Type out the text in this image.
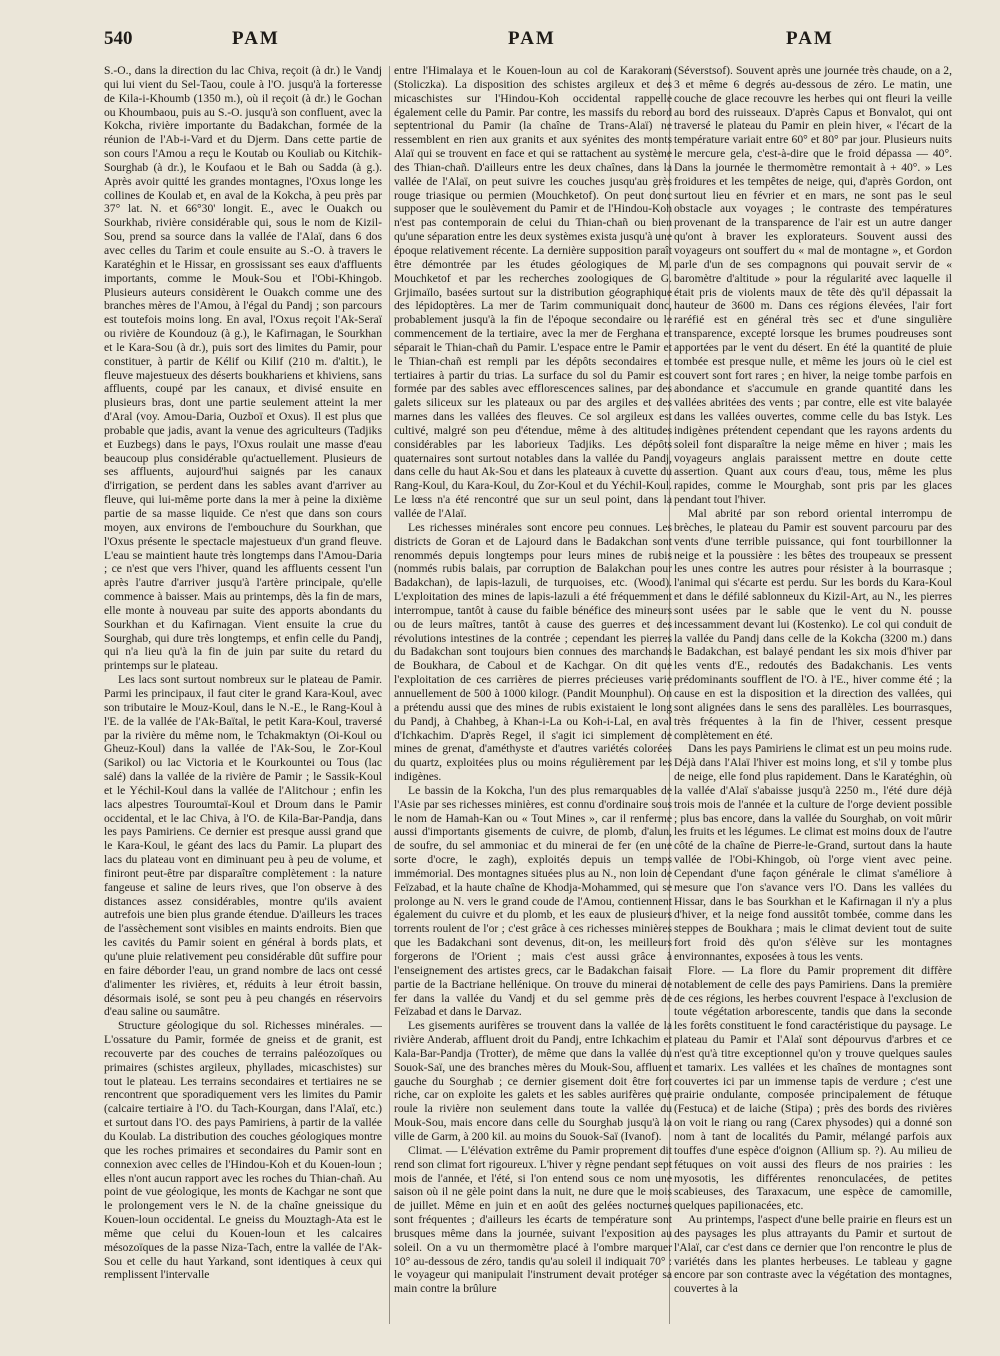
540	PAM	PAM	PAM

S.-O., dans la direction du lac Chiva, reçoit (à dr.) le Vandj qui lui vient du Sel-Taou, coule à l'O. jusqu'à la forteresse de Kila-i-Khoumb (1350 m.), où il reçoit (à dr.) le Gochan ou Khoumbaou, puis au S.-O. jusqu'à son confluent, avec la Kokcha, rivière importante du Badakchan, formée de la réunion de l'Ab-i-Vard et du Djerm. Dans cette partie de son cours l'Amou a reçu le Koutab ou Kouliab ou Kitchik-Sourghab (à dr.), le Koufaou et le Bah ou Sadda (à g.). Après avoir quitté les grandes montagnes, l'Oxus longe les collines de Koulab et, en aval de la Kokcha, à peu près par 37° lat. N. et 66°30' longit. E., avec le Ouakch ou Sourkhab, rivière considérable qui, sous le nom de Kizil-Sou, prend sa source dans la vallée de l'Alaï, dans 6 dos avec celles du Tarim et coule ensuite au S.-O. à travers le Karatéghin et le Hissar, en grossissant ses eaux d'affluents importants, comme le Mouk-Sou et l'Obi-Khingob. Plusieurs auteurs considèrent le Ouakch comme une des branches mères de l'Amou, à l'égal du Pandj ; son parcours est toutefois moins long. En aval, l'Oxus reçoit l'Ak-Seraï ou rivière de Koundouz (à g.), le Kafirnagan, le Sourkhan et le Kara-Sou (à dr.), puis sort des limites du Pamir, pour constituer, à partir de Kélif ou Kilif (210 m. d'altit.), le fleuve majestueux des déserts boukhariens et khiviens, sans affluents, coupé par les canaux, et divisé ensuite en plusieurs bras, dont une partie seulement atteint la mer d'Aral (voy. Amou-Daria, Ouzboï et Oxus). Il est plus que probable que jadis, avant la venue des agriculteurs (Tadjiks et Euzbegs) dans le pays, l'Oxus roulait une masse d'eau beaucoup plus considérable qu'actuellement. Plusieurs de ses affluents, aujourd'hui saignés par les canaux d'irrigation, se perdent dans les sables avant d'arriver au fleuve, qui lui-même porte dans la mer à peine la dixième partie de sa masse liquide. Ce n'est que dans son cours moyen, aux environs de l'embouchure du Sourkhan, que l'Oxus présente le spectacle majestueux d'un grand fleuve. L'eau se maintient haute très longtemps dans l'Amou-Daria ; ce n'est que vers l'hiver, quand les affluents cessent l'un après l'autre d'arriver jusqu'à l'artère principale, qu'elle commence à baisser. Mais au printemps, dès la fin de mars, elle monte à nouveau par suite des apports abondants du Sourkhan et du Kafirnagan. Vient ensuite la crue du Sourghab, qui dure très longtemps, et enfin celle du Pandj, qui n'a lieu qu'à la fin de juin par suite du retard du printemps sur le plateau.

Les lacs sont surtout nombreux sur le plateau de Pamir. Parmi les principaux, il faut citer le grand Kara-Koul, avec son tributaire le Mouz-Koul, dans le N.-E., le Rang-Koul à l'E. de la vallée de l'Ak-Baïtal, le petit Kara-Koul, traversé par la rivière du même nom, le Tchakmaktyn (Oi-Koul ou Gheuz-Koul) dans la vallée de l'Ak-Sou, le Zor-Koul (Sarikol) ou lac Victoria et le Kourkountei ou Tous (lac salé) dans la vallée de la rivière de Pamir ; le Sassik-Koul et le Yéchil-Koul dans la vallée de l'Alitchour ; enfin les lacs alpestres Touroumtaï-Koul et Droum dans le Pamir occidental, et le lac Chiva, à l'O. de Kila-Bar-Pandja, dans les pays Pamiriens. Ce dernier est presque aussi grand que le Kara-Koul, le géant des lacs du Pamir. La plupart des lacs du plateau vont en diminuant peu à peu de volume, et finiront peut-être par disparaître complètement : la nature fangeuse et saline de leurs rives, que l'on observe à des distances assez considérables, montre qu'ils avaient autrefois une bien plus grande étendue. D'ailleurs les traces de l'assèchement sont visibles en maints endroits. Bien que les cavités du Pamir soient en général à bords plats, et qu'une pluie relativement peu considérable dût suffire pour en faire déborder l'eau, un grand nombre de lacs ont cessé d'alimenter les rivières, et, réduits à leur étroit bassin, désormais isolé, se sont peu à peu changés en réservoirs d'eau saline ou saumâtre.

Structure géologique du sol. Richesses minérales. — L'ossature du Pamir, formée de gneiss et de granit, est recouverte par des couches de terrains paléozoïques ou primaires (schistes argileux, phyllades, micaschistes) sur tout le plateau. Les terrains secondaires et tertiaires ne se rencontrent que sporadiquement vers les limites du Pamir (calcaire tertiaire à l'O. du Tach-Kourgan, dans l'Alaï, etc.) et surtout dans l'O. des pays Pamiriens, à partir de la vallée du Koulab. La distribution des couches géologiques montre que les roches primaires et secondaires du Pamir sont en connexion avec celles de l'Hindou-Koh et du Kouen-loun ; elles n'ont aucun rapport avec les roches du Thian-chañ. Au point de vue géologique, les monts de Kachgar ne sont que le prolongement vers le N. de la chaîne gneissique du Kouen-loun occidental. Le gneiss du Mouztagh-Ata est le même que celui du Kouen-loun et les calcaires mésozoïques de la passe Niza-Tach, entre la vallée de l'Ak-Sou et celle du haut Yarkand, sont identiques à ceux qui remplissent l'intervalle

entre l'Himalaya et le Kouen-loun au col de Karakoram (Stoliczka). La disposition des schistes argileux et des micaschistes sur l'Hindou-Koh occidental rappelle également celle du Pamir. Par contre, les massifs du rebord septentrional du Pamir (la chaîne de Trans-Alaï) ne ressemblent en rien aux granits et aux syénites des monts Alaï qui se trouvent en face et qui se rattachent au système des Thian-chañ. D'ailleurs entre les deux chaînes, dans la vallée de l'Alaï, on peut suivre les couches jusqu'au grès rouge triasique ou permien (Mouchketof). On peut donc supposer que le soulèvement du Pamir et de l'Hindou-Koh n'est pas contemporain de celui du Thian-chañ ou bien qu'une séparation entre les deux systèmes exista jusqu'à une époque relativement récente. La dernière supposition paraît être démontrée par les études géologiques de M. Mouchketof et par les recherches zoologiques de G. Grjimaïlo, basées surtout sur la distribution géographique des lépidoptères. La mer de Tarim communiquait donc, probablement jusqu'à la fin de l'époque secondaire ou le commencement de la tertiaire, avec la mer de Ferghana et séparait le Thian-chañ du Pamir. L'espace entre le Pamir et le Thian-chañ est rempli par les dépôts secondaires et tertiaires à partir du trias. La surface du sol du Pamir est formée par des sables avec efflorescences salines, par des galets siliceux sur les plateaux ou par des argiles et des marnes dans les vallées des fleuves. Ce sol argileux est cultivé, malgré son peu d'étendue, même à des altitudes considérables par les laborieux Tadjiks. Les dépôts quaternaires sont surtout notables dans la vallée du Pandj, dans celle du haut Ak-Sou et dans les plateaux à cuvette du Rang-Koul, du Kara-Koul, du Zor-Koul et du Yéchil-Koul. Le lœss n'a été rencontré que sur un seul point, dans la vallée de l'Alaï.

Les richesses minérales sont encore peu connues. Les districts de Goran et de Lajourd dans le Badakchan sont renommés depuis longtemps pour leurs mines de rubis (nommés rubis balais, par corruption de Balakchan pour Badakchan), de lapis-lazuli, de turquoises, etc. (Wood). L'exploitation des mines de lapis-lazuli a été fréquemment interrompue, tantôt à cause du faible bénéfice des mineurs ou de leurs maîtres, tantôt à cause des guerres et des révolutions intestines de la contrée ; cependant les pierres du Badakchan sont toujours bien connues des marchands de Boukhara, de Caboul et de Kachgar. On dit que l'exploitation de ces carrières de pierres précieuses varie annuellement de 500 à 1000 kilogr. (Pandit Mounphul). On a prétendu aussi que des mines de rubis existaient le long du Pandj, à Chahbeg, à Khan-i-La ou Koh-i-Lal, en aval d'Ichkachim. D'après Regel, il s'agit ici simplement de mines de grenat, d'améthyste et d'autres variétés colorées du quartz, exploitées plus ou moins régulièrement par les indigènes.

Le bassin de la Kokcha, l'un des plus remarquables de l'Asie par ses richesses minières, est connu d'ordinaire sous le nom de Hamah-Kan ou « Tout Mines », car il renferme aussi d'importants gisements de cuivre, de plomb, d'alun, de soufre, du sel ammoniac et du minerai de fer (en une sorte d'ocre, le zagh), exploités depuis un temps immémorial. Des montagnes situées plus au N., non loin de Feïzabad, et la haute chaîne de Khodja-Mohammed, qui se prolonge au N. vers le grand coude de l'Amou, contiennent également du cuivre et du plomb, et les eaux de plusieurs torrents roulent de l'or ; c'est grâce à ces richesses minières que les Badakchani sont devenus, dit-on, les meilleurs forgerons de l'Orient ; mais c'est aussi grâce à l'enseignement des artistes grecs, car le Badakchan faisait partie de la Bactriane hellénique. On trouve du minerai de fer dans la vallée du Vandj et du sel gemme près de Feïzabad et dans le Darvaz.

Les gisements aurifères se trouvent dans la vallée de la rivière Anderab, affluent droit du Pandj, entre Ichkachim et Kala-Bar-Pandja (Trotter), de même que dans la vallée du Souok-Saï, une des branches mères du Mouk-Sou, affluent gauche du Sourghab ; ce dernier gisement doit être fort riche, car on exploite les galets et les sables aurifères que roule la rivière non seulement dans toute la vallée du Mouk-Sou, mais encore dans celle du Sourghab jusqu'à la ville de Garm, à 200 kil. au moins du Souok-Saï (Ivanof).

Climat. — L'élévation extrême du Pamir proprement dit rend son climat fort rigoureux. L'hiver y règne pendant sept mois de l'année, et l'été, si l'on entend sous ce nom une saison où il ne gèle point dans la nuit, ne dure que le mois de juillet. Même en juin et en août des gelées nocturnes sont fréquentes ; d'ailleurs les écarts de température sont brusques même dans la journée, suivant l'exposition au soleil. On a vu un thermomètre placé à l'ombre marquer 10° au-dessous de zéro, tandis qu'au soleil il indiquait 70° : le voyageur qui manipulait l'instrument devait protéger sa main contre la brûlure

(Séverstsof). Souvent après une journée très chaude, on a 2, 3 et même 6 degrés au-dessous de zéro. Le matin, une couche de glace recouvre les herbes qui ont fleuri la veille au bord des ruisseaux. D'après Capus et Bonvalot, qui ont traversé le plateau du Pamir en plein hiver, « l'écart de la température variait entre 60° et 80° par jour. Plusieurs nuits le mercure gela, c'est-à-dire que le froid dépassa — 40°. Dans la journée le thermomètre remontait à + 40°. » Les froidures et les tempêtes de neige, qui, d'après Gordon, ont surtout lieu en février et en mars, ne sont pas le seul obstacle aux voyages ; le contraste des températures provenant de la transparence de l'air est un autre danger qu'ont à braver les explorateurs. Souvent aussi des voyageurs ont souffert du « mal de montagne », et Gordon parle d'un de ses compagnons qui pouvait servir de « baromètre d'altitude » pour la régularité avec laquelle il était pris de violents maux de tête dès qu'il dépassait la hauteur de 3600 m. Dans ces régions élevées, l'air fort raréfié est en général très sec et d'une singulière transparence, excepté lorsque les brumes poudreuses sont apportées par le vent du désert. En été la quantité de pluie tombée est presque nulle, et même les jours où le ciel est couvert sont fort rares ; en hiver, la neige tombe parfois en abondance et s'accumule en grande quantité dans les vallées abritées des vents ; par contre, elle est vite balayée dans les vallées ouvertes, comme celle du bas Istyk. Les indigènes prétendent cependant que les rayons ardents du soleil font disparaître la neige même en hiver ; mais les voyageurs anglais paraissent mettre en doute cette assertion. Quant aux cours d'eau, tous, même les plus rapides, comme le Mourghab, sont pris par les glaces pendant tout l'hiver.

Mal abrité par son rebord oriental interrompu de brèches, le plateau du Pamir est souvent parcouru par des vents d'une terrible puissance, qui font tourbillonner la neige et la poussière : les bêtes des troupeaux se pressent les unes contre les autres pour résister à la bourrasque ; l'animal qui s'écarte est perdu. Sur les bords du Kara-Koul et dans le défilé sablonneux du Kizil-Art, au N., les pierres sont usées par le sable que le vent du N. pousse incessamment devant lui (Kostenko). Le col qui conduit de la vallée du Pandj dans celle de la Kokcha (3200 m.) dans le Badakchan, est balayé pendant les six mois d'hiver par les vents d'E., redoutés des Badakchanis. Les vents prédominants soufflent de l'O. à l'E., hiver comme été ; la cause en est la disposition et la direction des vallées, qui sont alignées dans le sens des parallèles. Les bourrasques, très fréquentes à la fin de l'hiver, cessent presque complètement en été.

Dans les pays Pamiriens le climat est un peu moins rude. Déjà dans l'Alaï l'hiver est moins long, et s'il y tombe plus de neige, elle fond plus rapidement. Dans le Karatéghin, où la vallée d'Alaï s'abaisse jusqu'à 2250 m., l'été dure déjà trois mois de l'année et la culture de l'orge devient possible ; plus bas encore, dans la vallée du Sourghab, on voit mûrir les fruits et les légumes. Le climat est moins doux de l'autre côté de la chaîne de Pierre-le-Grand, surtout dans la haute vallée de l'Obi-Khingob, où l'orge vient avec peine. Cependant d'une façon générale le climat s'améliore à mesure que l'on s'avance vers l'O. Dans les vallées du Hissar, dans le bas Sourkhan et le Kafirnagan il n'y a plus d'hiver, et la neige fond aussitôt tombée, comme dans les steppes de Boukhara ; mais le climat devient tout de suite fort froid dès qu'on s'élève sur les montagnes environnantes, exposées à tous les vents.

Flore. — La flore du Pamir proprement dit diffère notablement de celle des pays Pamiriens. Dans la première de ces régions, les herbes couvrent l'espace à l'exclusion de toute végétation arborescente, tandis que dans la seconde les forêts constituent le fond caractéristique du paysage. Le plateau du Pamir et l'Alaï sont dépourvus d'arbres et ce n'est qu'à titre exceptionnel qu'on y trouve quelques saules et tamarix. Les vallées et les chaînes de montagnes sont couvertes ici par un immense tapis de verdure ; c'est une prairie ondulante, composée principalement de fétuque (Festuca) et de laiche (Stipa) ; près des bords des rivières on voit le riang ou rang (Carex physodes) qui a donné son nom à tant de localités du Pamir, mélangé parfois aux touffes d'une espèce d'oignon (Allium sp. ?). Au milieu de fétuques on voit aussi des fleurs de nos prairies : les myosotis, les différentes renonculacées, de petites scabieuses, des Taraxacum, une espèce de camomille, quelques papilionacées, etc.

Au printemps, l'aspect d'une belle prairie en fleurs est un des paysages les plus attrayants du Pamir et surtout de l'Alaï, car c'est dans ce dernier que l'on rencontre le plus de variétés dans les plantes herbeuses. Le tableau y gagne encore par son contraste avec la végétation des montagnes, couvertes à la
